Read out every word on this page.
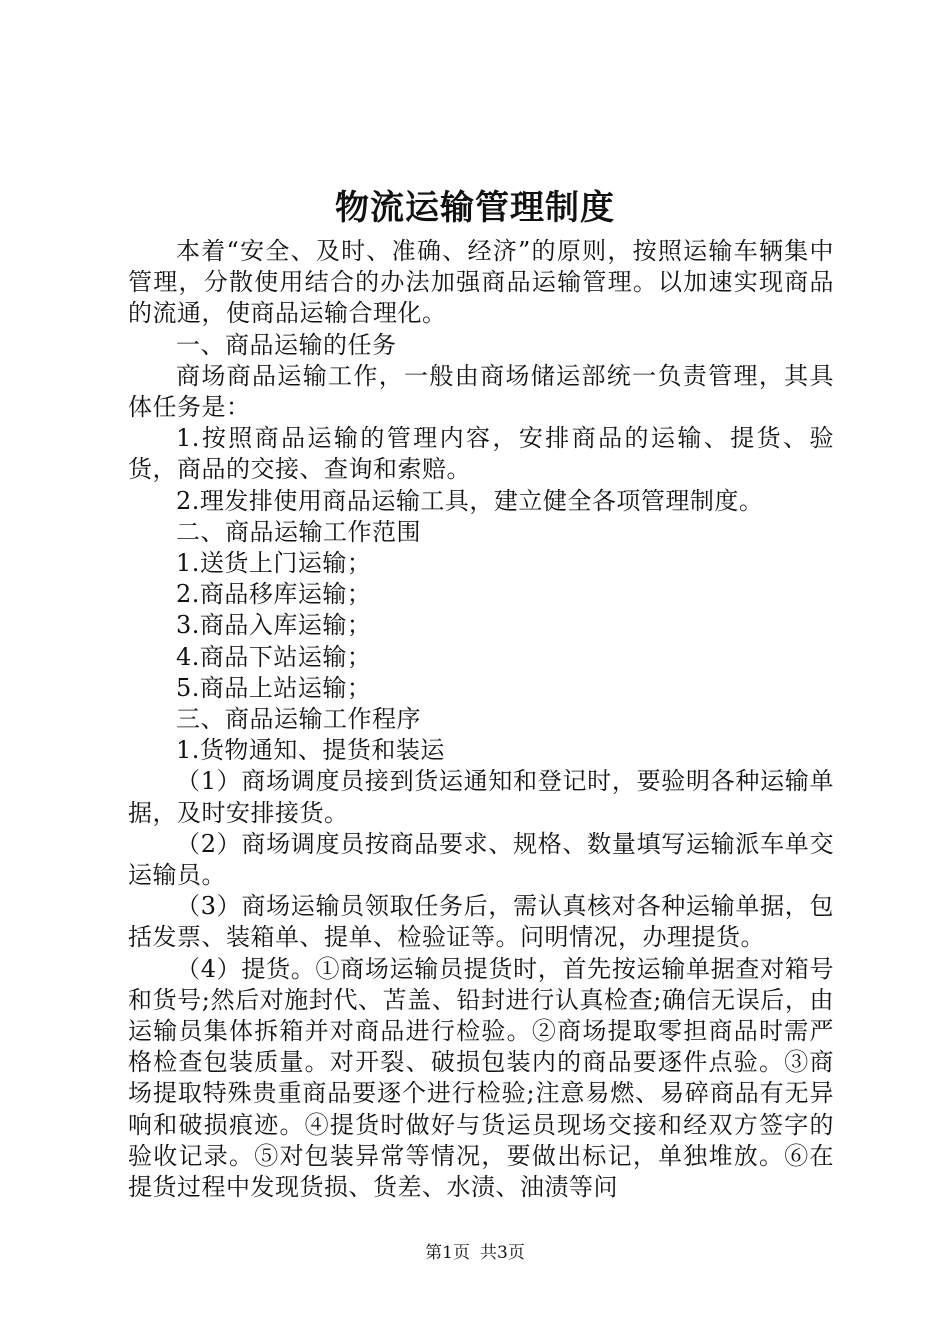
物流运输管理制度

本着“安全、及时、准确、经济”的原则，按照运输车辆集中管理，分散使用结合的办法加强商品运输管理。以加速实现商品的流通，使商品运输合理化。

一、商品运输的任务

商场商品运输工作，一般由商场储运部统一负责管理，其具体任务是：

1.按照商品运输的管理内容，安排商品的运输、提货、验货，商品的交接、查询和索赔。

2.理发排使用商品运输工具，建立健全各项管理制度。

二、商品运输工作范围

1.送货上门运输；

2.商品移库运输；

3.商品入库运输；

4.商品下站运输；

5.商品上站运输；

三、商品运输工作程序

1.货物通知、提货和装运

（1）商场调度员接到货运通知和登记时，要验明各种运输单据，及时安排接货。

（2）商场调度员按商品要求、规格、数量填写运输派车单交运输员。

（3）商场运输员领取任务后，需认真核对各种运输单据，包括发票、装箱单、提单、检验证等。问明情况，办理提货。

（4）提货。①商场运输员提货时，首先按运输单据查对箱号和货号;然后对施封代、苫盖、铅封进行认真检查;确信无误后，由运输员集体拆箱并对商品进行检验。②商场提取零担商品时需严格检查包装质量。对开裂、破损包装内的商品要逐件点验。③商场提取特殊贵重商品要逐个进行检验;注意易燃、易碎商品有无异响和破损痕迹。④提货时做好与货运员现场交接和经双方签字的验收记录。⑤对包装异常等情况，要做出标记，单独堆放。⑥在提货过程中发现货损、货差、水渍、油渍等问

第1页 共3页
